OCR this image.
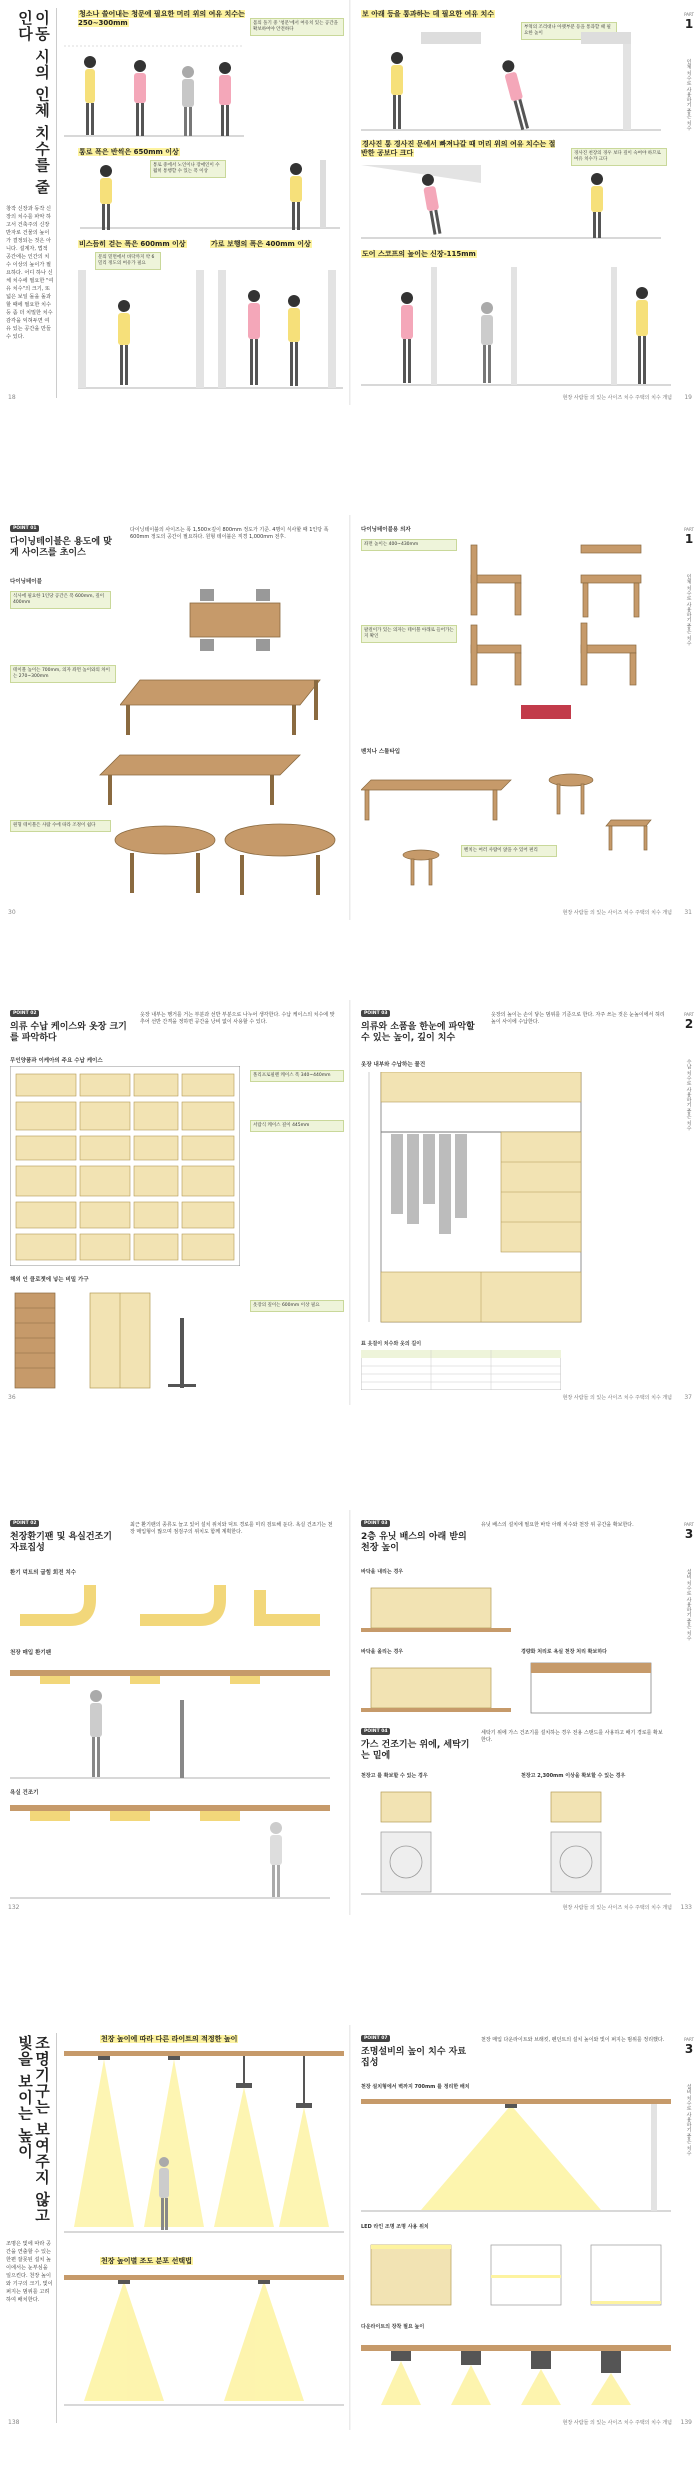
이동 시의 인체 치수를 줄인다
창작 신장과 동작 신장의 치수를 파악 하고서 건축주의 신장반자로 건물의 높이가 결정되는 것은 아니다. 설계자, 법적 공간에는 인간의 치수 이상의 높이가 필요하다. 어디 하나 신체 치수에 필요한 "여유 치수"의 크기, 또 넓은 보일 돌을 돌과할 때에 필요한 치수 등 좀 더 치밀한 치수 감각을 익혀두면 여유 있는 공간을 만들 수 있다.
청소나 쓸어내는 청문에 필요한 머리 위의 여유 치수는 250~300mm	몸의 돌기 중 '청문'에서 여유치 있는 공간을 확보하여야 안전하다
통로 폭은 반씩은 650mm 이상
통로 중에서 노인이나 장애인이 수월히 통행할 수 있는 폭 이상
비스듬히 걷는 폭은 600mm 이상	가로 보행의 폭은 400mm 이상
문의 밑면에서 바닥까지 약 6밀리 정도의 여유가 필요
18
PART
1
인체 치수로 사용하기 좋은 치수
보 아래 등을 통과하는 데 필요한 여유 치수
부엌의 조리대나 아랫부분 등을 통과할 때 필요한 높이
경사진 통 경사진 문에서 빠져나갈 때 머리 위의 여유 치수는 절반한 공보다 크다	경사진 천장의 경우 보다 깊이 숙여야 하므로 여유 치수가 크다
도어 스코프의 높이는 신장-115mm
현장 사람들 의 있는 사이즈 치수 주택의 치수 개념 19
POINT 01
다이닝테이블은 용도에 맞게 사이즈를 초이스
다이닝테이블의 사이즈는 폭 1,500×깊이 800mm 정도가 기준. 4명이 식사할 때 1인당 폭 600mm 정도의 공간이 필요하다. 원형 테이블은 직경 1,000mm 전후.
다이닝테이블
식사에 필요한 1인당 공간은 폭 600mm, 깊이 400mm
테이블 높이는 700mm, 의자 좌면 높이와의 차이는 270~300mm
원형 테이블은 사람 수에 따라 조정이 쉽다
30
PART
1
인체 치수로 사용하기 좋은 치수
다이닝테이블용 의자
좌면 높이는 400~430mm
팔걸이가 있는 의자는 테이블 아래로 들어가는지 확인
벤치나 스툴타입
벤치는 여러 사람이 앉을 수 있어 편리
현장 사람들 의 있는 사이즈 치수 주택의 치수 개념 31
POINT 02
의류 수납 케이스와 옷장 크기를 파악하다
옷장 내부는 행거를 거는 부분과 선반 부분으로 나누어 생각한다. 수납 케이스의 치수에 맞추어 선반 간격을 정하면 공간을 낭비 없이 사용할 수 있다.
무인양품과 이케아의 주요 수납 케이스
폴리프로필렌 케이스 폭 340~440mm
서랍식 케이스 깊이 445mm
해외 인 클로젯에 넣는 비밀 가구
옷장의 깊이는 600mm 이상 필요
36
PART
2
수납 치수로 사용하기 좋은 치수
POINT 03
의류와 소품을 한눈에 파악할 수 있는 높이, 깊이 치수
옷장의 높이는 손이 닿는 범위를 기준으로 한다. 자주 쓰는 것은 눈높이에서 허리 높이 사이에 수납한다.
옷장 내부와 수납하는 물건
표 옷걸이 치수와 옷의 길이
현장 사람들 의 있는 사이즈 치수 주택의 치수 개념 37
POINT 02
천장환기팬 및 욕실건조기 자료집성
최근 환기팬의 종류도 늘고 있어 설치 위치와 덕트 경로를 미리 검토해 둔다. 욕실 건조기는 천장 매입형이 많으며 점검구의 위치도 함께 계획한다.
환기 덕트의 굽힘 회전 치수
천장 매입 환기팬
욕실 건조기
132
PART
3
설비 치수로 사용하기 좋은 치수
POINT 03
2층 유닛 배스의 아래 받의 천장 높이
유닛 배스의 설치에 필요한 바닥 아래 치수와 천장 위 공간을 확보한다.
바닥을 내리는 경우
바닥을 올리는 경우	경량화 처리로 욕실 천장 처리 확보하다
POINT 04
가스 건조기는 위에, 세탁기는 밑에
세탁기 위에 가스 건조기를 설치하는 경우 전용 스탠드를 사용하고 배기 경로를 확보한다.
천장고 를 확보할 수 있는 경우	천장고 2,300mm 이상을 확보할 수 있는 경우
현장 사람들 의 있는 사이즈 치수 주택의 치수 개념 133
조명기구는 보여주지 않고 빛을 보이는 높이
조명은 빛에 따라 공간을 연출할 수 있는 한편 잘못된 설치 높이에서는 눈부심을 일으킨다. 천장 높이와 기구의 크기, 빛이 퍼지는 범위를 고려하여 배치한다.
천장 높이에 따라 다른 라이트의 적정한 높이
천장 높이별 조도 분포 선택법
138
PART
3
설비 치수로 사용하기 좋은 치수
POINT 07
조명설비의 높이 치수 자료 집성
천장 매입 다운라이트와 브래킷, 펜던트의 설치 높이와 빛이 퍼지는 범위를 정리했다.
천장 설치형에서 벽까지 700mm 를 정리한 배치
LED 라인 조명 조명 사용 위치
다운라이트의 장착 필요 높이
현장 사람들 의 있는 사이즈 치수 주택의 치수 개념 139
